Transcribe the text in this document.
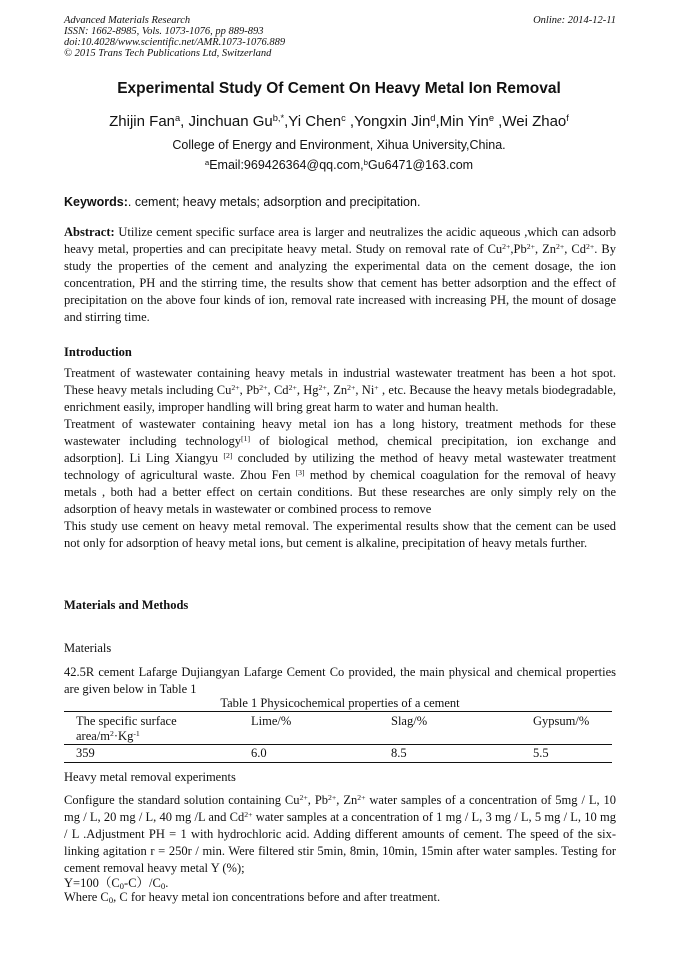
Advanced Materials Research
ISSN: 1662-8985, Vols. 1073-1076, pp 889-893
doi:10.4028/www.scientific.net/AMR.1073-1076.889
© 2015 Trans Tech Publications Ltd, Switzerland
Online: 2014-12-11
Experimental Study Of Cement On Heavy Metal Ion Removal
Zhijin Fan$^a$, Jinchuan $Gu^{b,*},Yi$ Chen$^c$ ,Yongxin Jin$^d$,Min Yin$^e$ ,Wei Zhao$^f$
College of Energy and Environment, Xihua University,China.
$^a$Email:969426364@qq.com,$^b$Gu6471@163.com
Keywords:. cement; heavy metals; adsorption and precipitation.
Abstract: Utilize cement specific surface area is larger and neutralizes the acidic aqueous ,which can adsorb heavy metal, properties and can precipitate heavy metal. Study on removal rate of $Cu^{2+},Pb^{2+}$, $Zn^{2+}$, $Cd^{2+}$. By study the properties of the cement and analyzing the experimental data on the cement dosage, the ion concentration, PH and the stirring time, the results show that cement has better adsorption and the effect of precipitation on the above four kinds of ion, removal rate increased with increasing PH, the mount of dosage and stirring time.
Introduction

Treatment of wastewater containing heavy metals in industrial wastewater treatment has been a hot spot. These heavy metals including $Cu^{2+}$, $Pb^{2+}$, $Cd^{2+}$, $Hg^{2+}$, $Zn^{2+}$, Ni+ , etc. Because the heavy metals biodegradable, enrichment easily, improper handling will bring great harm to water and human health.

Treatment of wastewater containing heavy metal ion has a long history, treatment methods for these wastewater including technology[1] of biological method, chemical precipitation, ion exchange and adsorption]. Li Ling Xiangyu [2] concluded by utilizing the method of heavy metal wastewater treatment technology of agricultural waste. Zhou Fen [3] method by chemical coagulation for the removal of heavy metals , both had a better effect on certain conditions. But these researches are only simply rely on the adsorption of heavy metals in wastewater or combined process to remove

This study use cement on heavy metal removal. The experimental results show that the cement can be used not only for adsorption of heavy metal ions, but cement is alkaline, precipitation of heavy metals further.

Materials and Methods
Materials
42.5R cement Lafarge Dujiangyan Lafarge Cement Co provided, the main physical and chemical properties are given below in Table 1
Table 1 Physicochemical properties of a cement
The specific surface area/$m^2\cdot Kg^{-1}$	Lime/%	Slag/%	Gypsum/%
359	6.0	8.5	5.5
Heavy metal removal experiments
Configure the standard solution containing $Cu^{2+}$, $Pb^{2+}$, $Zn^{2+}$ water samples of a concentration of 5mg / L, 10 mg / L, 20 mg / L, 40 mg /L and $Cd^{2+}$ water samples at a concentration of 1 mg / L, 3 mg / L, 5 mg / L, 10 mg / L .Adjustment PH = 1 with hydrochloric acid. Adding different amounts of cement. The speed of the six-linking agitation r = 250r / min. Were filtered stir 5min, 8min, 10min, 15min after water samples. Testing for cement removal heavy metal Y (%);
$Y=100(C_0-C)/C_0$.
Where $C_0$, C for heavy metal ion concentrations before and after treatment.
